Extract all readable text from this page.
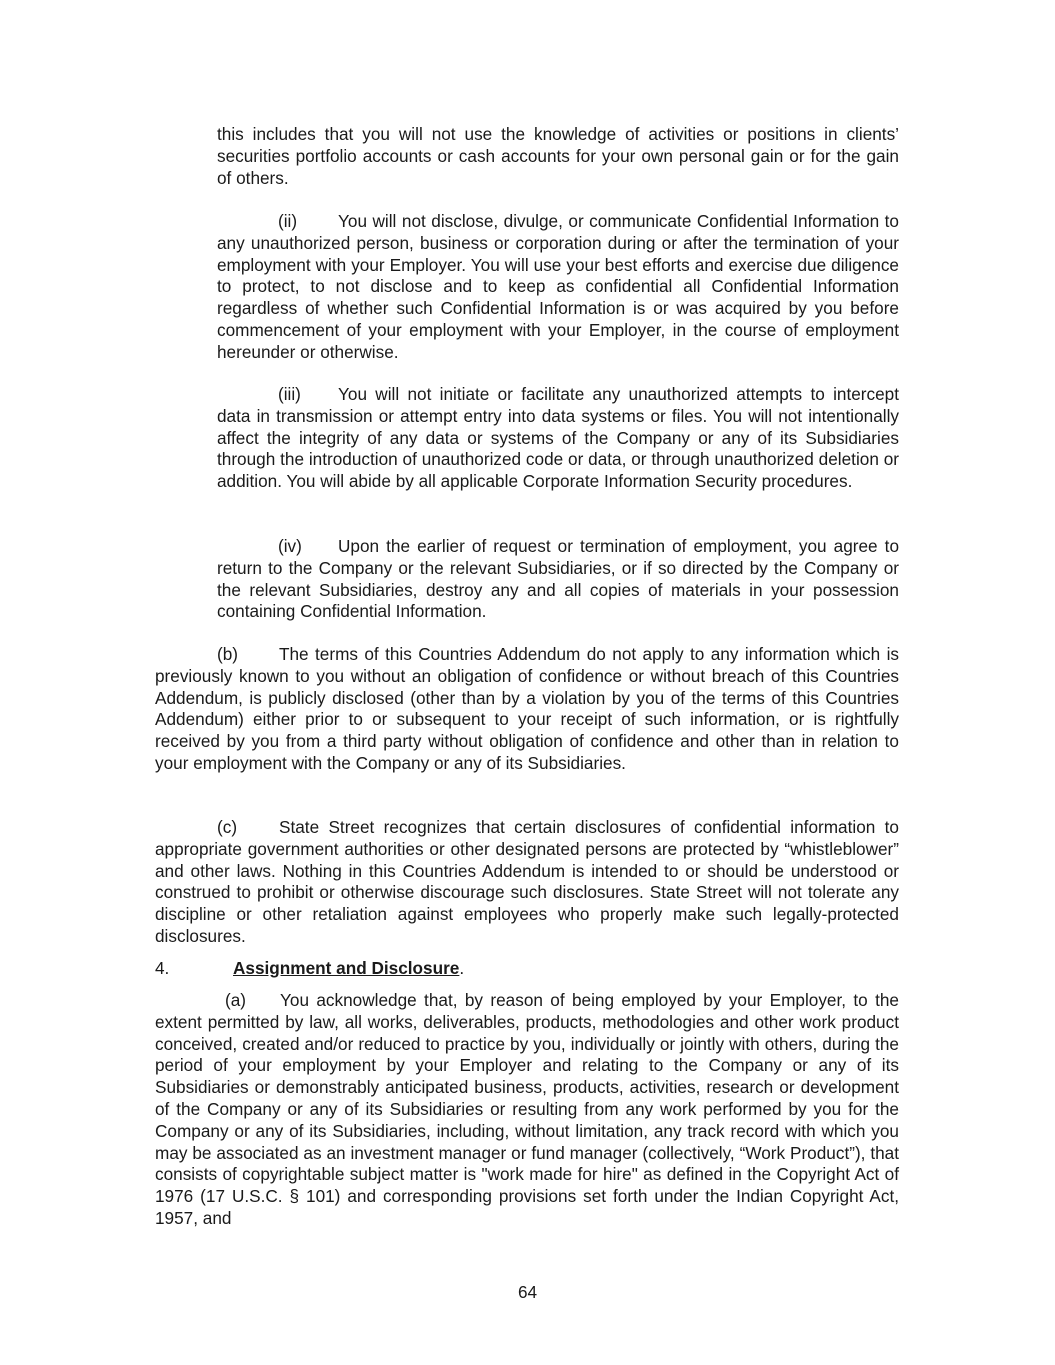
this includes that you will not use the knowledge of activities or positions in clients’ securities portfolio accounts or cash accounts for your own personal gain or for the gain of others.

(ii) You will not disclose, divulge, or communicate Confidential Information to any unauthorized person, business or corporation during or after the termination of your employment with your Employer. You will use your best efforts and exercise due diligence to protect, to not disclose and to keep as confidential all Confidential Information regardless of whether such Confidential Information is or was acquired by you before commencement of your employment with your Employer, in the course of employment hereunder or otherwise.

(iii) You will not initiate or facilitate any unauthorized attempts to intercept data in transmission or attempt entry into data systems or files. You will not intentionally affect the integrity of any data or systems of the Company or any of its Subsidiaries through the introduction of unauthorized code or data, or through unauthorized deletion or addition. You will abide by all applicable Corporate Information Security procedures.

(iv) Upon the earlier of request or termination of employment, you agree to return to the Company or the relevant Subsidiaries, or if so directed by the Company or the relevant Subsidiaries, destroy any and all copies of materials in your possession containing Confidential Information.

(b) The terms of this Countries Addendum do not apply to any information which is previously known to you without an obligation of confidence or without breach of this Countries Addendum, is publicly disclosed (other than by a violation by you of the terms of this Countries Addendum) either prior to or subsequent to your receipt of such information, or is rightfully received by you from a third party without obligation of confidence and other than in relation to your employment with the Company or any of its Subsidiaries.

(c) State Street recognizes that certain disclosures of confidential information to appropriate government authorities or other designated persons are protected by “whistleblower” and other laws. Nothing in this Countries Addendum is intended to or should be understood or construed to prohibit or otherwise discourage such disclosures. State Street will not tolerate any discipline or other retaliation against employees who properly make such legally-protected disclosures.

4.	Assignment and Disclosure.

(a) You acknowledge that, by reason of being employed by your Employer, to the extent permitted by law, all works, deliverables, products, methodologies and other work product conceived, created and/or reduced to practice by you, individually or jointly with others, during the period of your employment by your Employer and relating to the Company or any of its Subsidiaries or demonstrably anticipated business, products, activities, research or development of the Company or any of its Subsidiaries or resulting from any work performed by you for the Company or any of its Subsidiaries, including, without limitation, any track record with which you may be associated as an investment manager or fund manager (collectively, “Work Product”), that consists of copyrightable subject matter is "work made for hire" as defined in the Copyright Act of 1976 (17 U.S.C. § 101) and corresponding provisions set forth under the Indian Copyright Act, 1957, and

64
